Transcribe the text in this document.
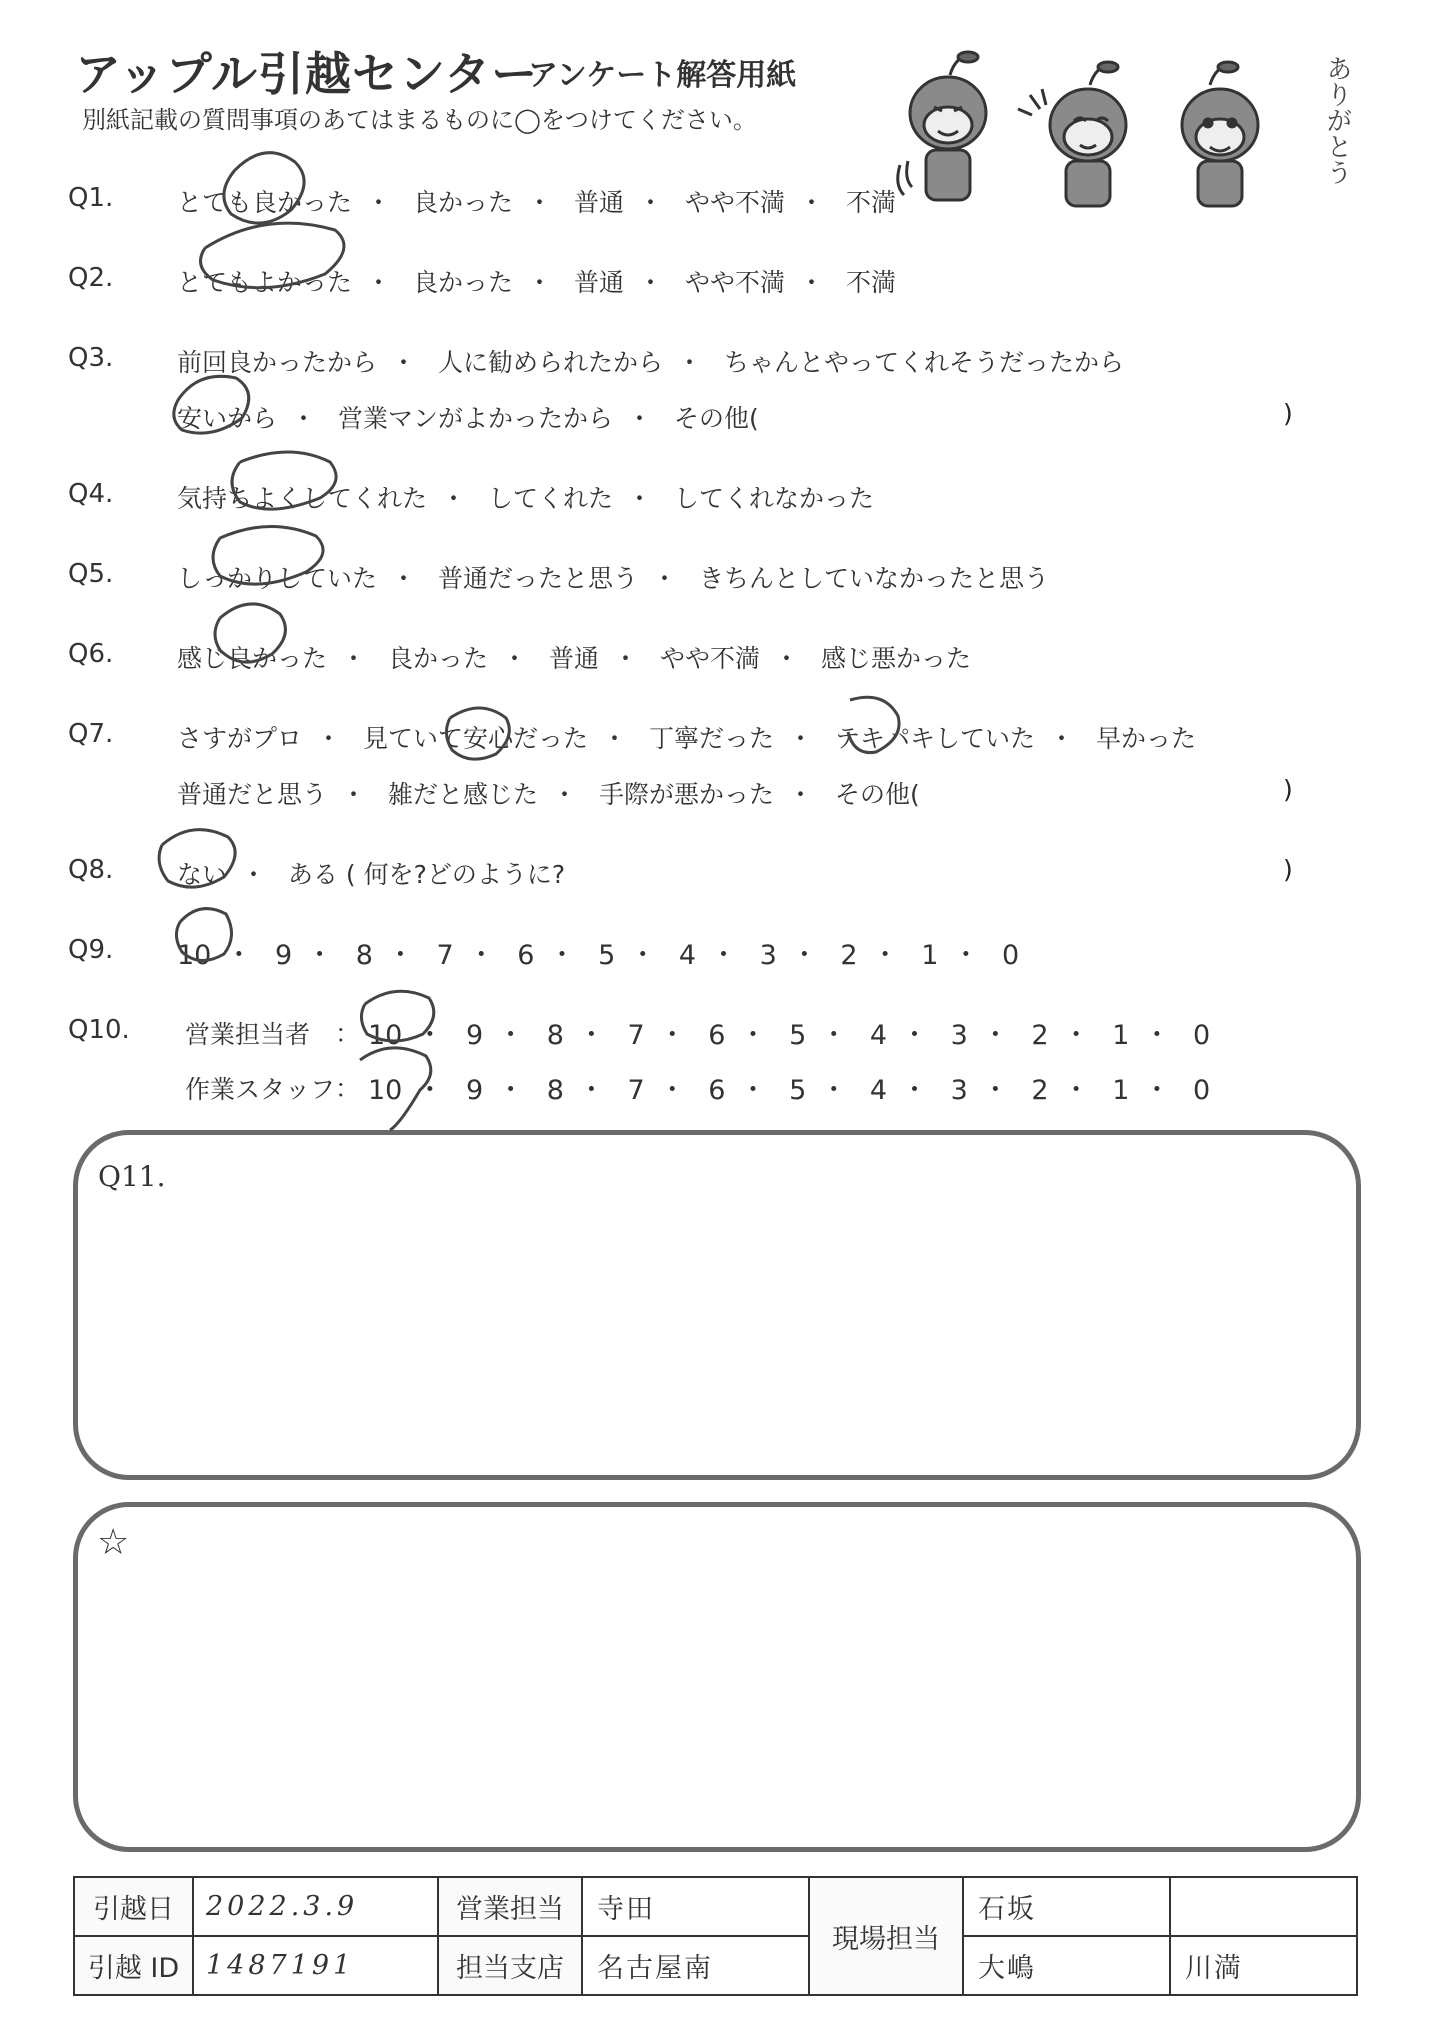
アップル引越センター
アンケート解答用紙
別紙記載の質問事項のあてはまるものに◯をつけてください。	ありがとう
Q1.	とても良かった ・ 良かった ・ 普通 ・ やや不満 ・ 不満
Q2.	とてもよかった ・ 良かった ・ 普通 ・ やや不満 ・ 不満
Q3.	前回良かったから ・ 人に勧められたから ・ ちゃんとやってくれそうだったから
安いから ・ 営業マンがよかったから ・ その他(	)
Q4.	気持ちよくしてくれた ・ してくれた ・ してくれなかった
Q5.	しっかりしていた ・ 普通だったと思う ・ きちんとしていなかったと思う
Q6.	感じ良かった ・ 良かった ・ 普通 ・ やや不満 ・ 感じ悪かった
Q7.	さすがプロ ・ 見ていて安心だった ・ 丁寧だった ・ テキパキしていた ・ 早かった
普通だと思う ・ 雑だと感じた ・ 手際が悪かった ・ その他(	)
Q8.	ない ・ ある ( 何を?どのように?	)
Q9. 10 ・ 9 ・ 8 ・ 7 ・ 6 ・ 5 ・ 4 ・ 3 ・ 2 ・ 1 ・ 0
Q10. 営業担当者 ： 10 ・ 9 ・ 8 ・ 7 ・ 6 ・ 5 ・ 4 ・ 3 ・ 2 ・ 1 ・ 0
作業スタッフ ： 10 ・ 9 ・ 8 ・ 7 ・ 6 ・ 5 ・ 4 ・ 3 ・ 2 ・ 1 ・ 0
Q11.
☆
引越日	2022.3.9	営業担当	寺田	現場担当	石坂	
引越 ID	1487191	担当支店	名古屋南		大嶋	川満
